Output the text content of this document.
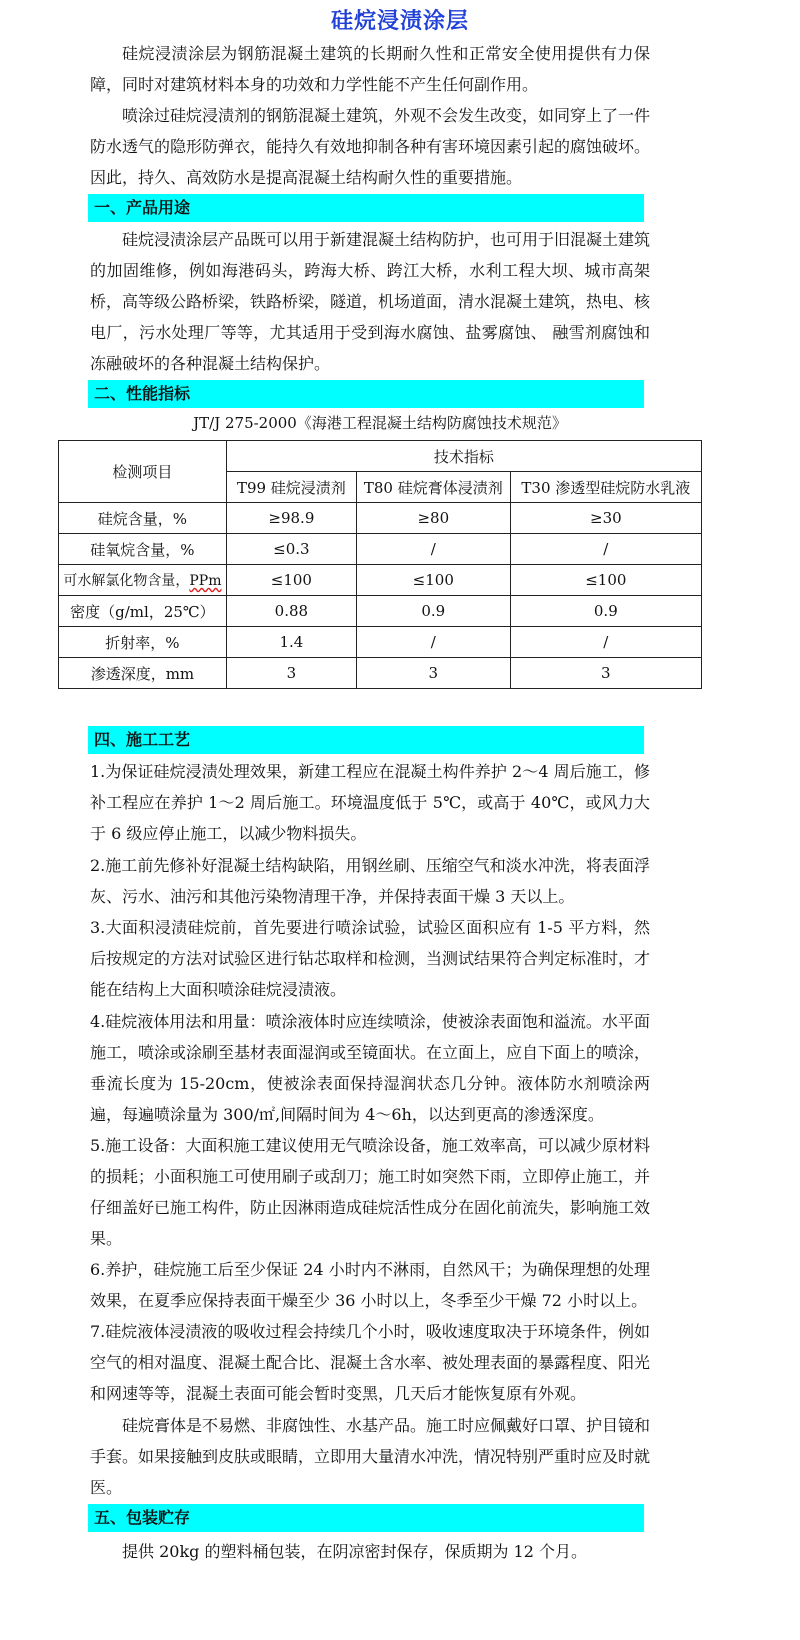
硅烷浸渍涂层
硅烷浸渍涂层为钢筋混凝土建筑的长期耐久性和正常安全使用提供有力保障，同时对建筑材料本身的功效和力学性能不产生任何副作用。
喷涂过硅烷浸渍剂的钢筋混凝土建筑，外观不会发生改变，如同穿上了一件防水透气的隐形防弹衣，能持久有效地抑制各种有害环境因素引起的腐蚀破坏。因此，持久、高效防水是提高混凝土结构耐久性的重要措施。
一、产品用途
硅烷浸渍涂层产品既可以用于新建混凝土结构防护，也可用于旧混凝土建筑的加固维修，例如海港码头，跨海大桥、跨江大桥，水利工程大坝、城市高架桥，高等级公路桥梁，铁路桥梁，隧道，机场道面，清水混凝土建筑，热电、核电厂，污水处理厂等等，尤其适用于受到海水腐蚀、盐雾腐蚀、 融雪剂腐蚀和冻融破坏的各种混凝土结构保护。
二、性能指标
JT/J 275-2000《海港工程混凝土结构防腐蚀技术规范》
检测项目	技术指标		
	T99 硅烷浸渍剂	T80 硅烷膏体浸渍剂	T30 渗透型硅烷防水乳液
硅烷含量，%	≥98.9	≥80	≥30
硅氧烷含量，%	≤0.3	/	/
可水解氯化物含量，PPm	≤100	≤100	≤100
密度（g/ml，25℃）	0.88	0.9	0.9
折射率，%	1.4	/	/
渗透深度，mm	3	3	3
四、施工工艺
1.为保证硅烷浸渍处理效果，新建工程应在混凝土构件养护 2～4 周后施工，修补工程应在养护 1～2 周后施工。环境温度低于 5℃，或高于 40℃，或风力大于 6 级应停止施工，以减少物料损失。
2.施工前先修补好混凝土结构缺陷，用钢丝刷、压缩空气和淡水冲洗，将表面浮灰、污水、油污和其他污染物清理干净，并保持表面干燥 3 天以上。
3.大面积浸渍硅烷前，首先要进行喷涂试验，试验区面积应有 1-5 平方料，然后按规定的方法对试验区进行钻芯取样和检测，当测试结果符合判定标准时，才能在结构上大面积喷涂硅烷浸渍液。
4.硅烷液体用法和用量：喷涂液体时应连续喷涂，使被涂表面饱和溢流。水平面施工，喷涂或涂刷至基材表面湿润或至镜面状。在立面上，应自下面上的喷涂，垂流长度为 15-20cm，使被涂表面保持湿润状态几分钟。液体防水剂喷涂两遍，每遍喷涂量为 300/㎡,间隔时间为 4～6h，以达到更高的渗透深度。
5.施工设备：大面积施工建议使用无气喷涂设备，施工效率高，可以减少原材料的损耗；小面积施工可使用刷子或刮刀；施工时如突然下雨，立即停止施工，并仔细盖好已施工构件，防止因淋雨造成硅烷活性成分在固化前流失，影响施工效果。
6.养护，硅烷施工后至少保证 24 小时内不淋雨，自然风干；为确保理想的处理效果，在夏季应保持表面干燥至少 36 小时以上，冬季至少干燥 72 小时以上。
7.硅烷液体浸渍液的吸收过程会持续几个小时，吸收速度取决于环境条件，例如空气的相对温度、混凝土配合比、混凝土含水率、被处理表面的暴露程度、阳光和网速等等，混凝土表面可能会暂时变黑，几天后才能恢复原有外观。
硅烷膏体是不易燃、非腐蚀性、水基产品。施工时应佩戴好口罩、护目镜和手套。如果接触到皮肤或眼睛，立即用大量清水冲洗，情况特别严重时应及时就医。
五、包装贮存
提供 20kg 的塑料桶包装，在阴凉密封保存，保质期为 12 个月。
